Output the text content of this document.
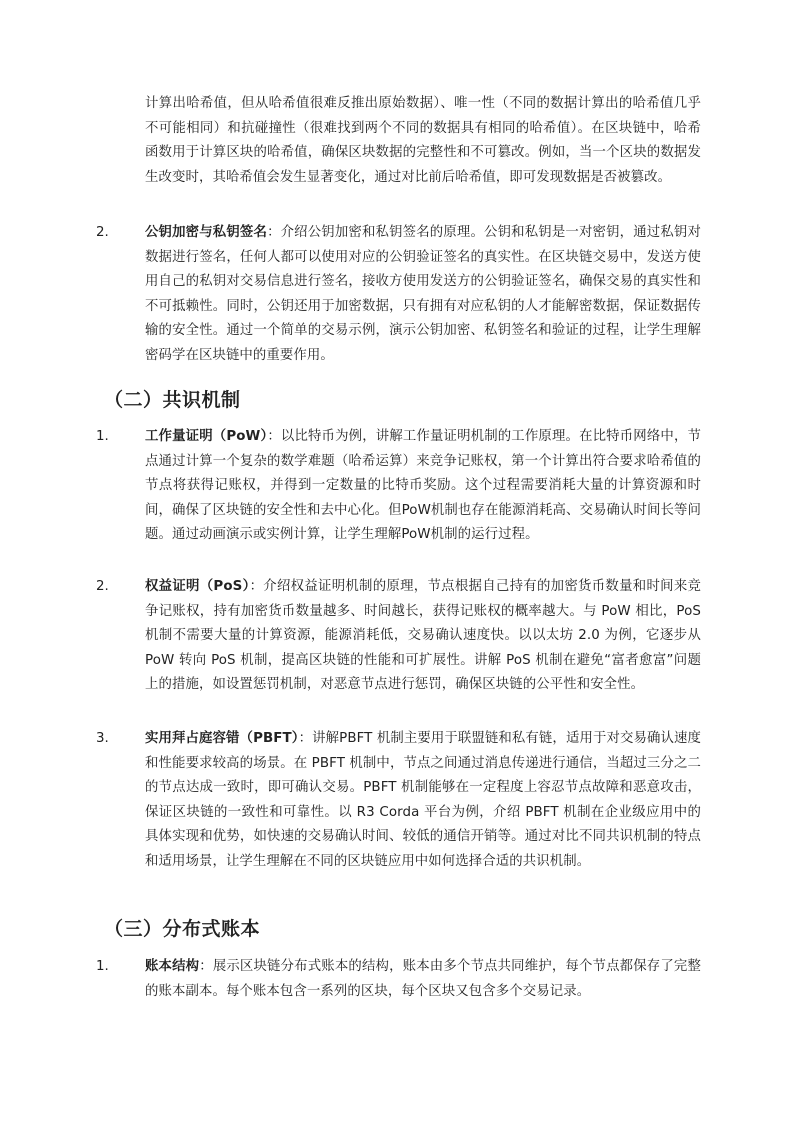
计算出哈希值，但从哈希值很难反推出原始数据）、唯一性（不同的数据计算出的哈希值几乎不可能相同）和抗碰撞性（很难找到两个不同的数据具有相同的哈希值）。在区块链中，哈希函数用于计算区块的哈希值，确保区块数据的完整性和不可篡改。例如，当一个区块的数据发生改变时，其哈希值会发生显著变化，通过对比前后哈希值，即可发现数据是否被篡改。
2.	公钥加密与私钥签名：介绍公钥加密和私钥签名的原理。公钥和私钥是一对密钥，通过私钥对数据进行签名，任何人都可以使用对应的公钥验证签名的真实性。在区块链交易中，发送方使用自己的私钥对交易信息进行签名，接收方使用发送方的公钥验证签名，确保交易的真实性和不可抵赖性。同时，公钥还用于加密数据，只有拥有对应私钥的人才能解密数据，保证数据传输的安全性。通过一个简单的交易示例，演示公钥加密、私钥签名和验证的过程，让学生理解密码学在区块链中的重要作用。
（二）共识机制
1.	工作量证明（PoW）：以比特币为例，讲解工作量证明机制的工作原理。在比特币网络中，节点通过计算一个复杂的数学难题（哈希运算）来竞争记账权，第一个计算出符合要求哈希值的节点将获得记账权，并得到一定数量的比特币奖励。这个过程需要消耗大量的计算资源和时间，确保了区块链的安全性和去中心化。但PoW机制也存在能源消耗高、交易确认时间长等问题。通过动画演示或实例计算，让学生理解PoW机制的运行过程。
2.	权益证明（PoS）：介绍权益证明机制的原理，节点根据自己持有的加密货币数量和时间来竞争记账权，持有加密货币数量越多、时间越长，获得记账权的概率越大。与 PoW 相比，PoS 机制不需要大量的计算资源，能源消耗低，交易确认速度快。以以太坊 2.0 为例，它逐步从 PoW 转向 PoS 机制，提高区块链的性能和可扩展性。讲解 PoS 机制在避免“富者愈富”问题上的措施，如设置惩罚机制，对恶意节点进行惩罚，确保区块链的公平性和安全性。
3.	实用拜占庭容错（PBFT）：讲解PBFT 机制主要用于联盟链和私有链，适用于对交易确认速度和性能要求较高的场景。在 PBFT 机制中，节点之间通过消息传递进行通信，当超过三分之二的节点达成一致时，即可确认交易。PBFT 机制能够在一定程度上容忍节点故障和恶意攻击，保证区块链的一致性和可靠性。以 R3 Corda 平台为例，介绍 PBFT 机制在企业级应用中的具体实现和优势，如快速的交易确认时间、较低的通信开销等。通过对比不同共识机制的特点和适用场景，让学生理解在不同的区块链应用中如何选择合适的共识机制。
（三）分布式账本
1.	账本结构：展示区块链分布式账本的结构，账本由多个节点共同维护，每个节点都保存了完整的账本副本。每个账本包含一系列的区块，每个区块又包含多个交易记录。
